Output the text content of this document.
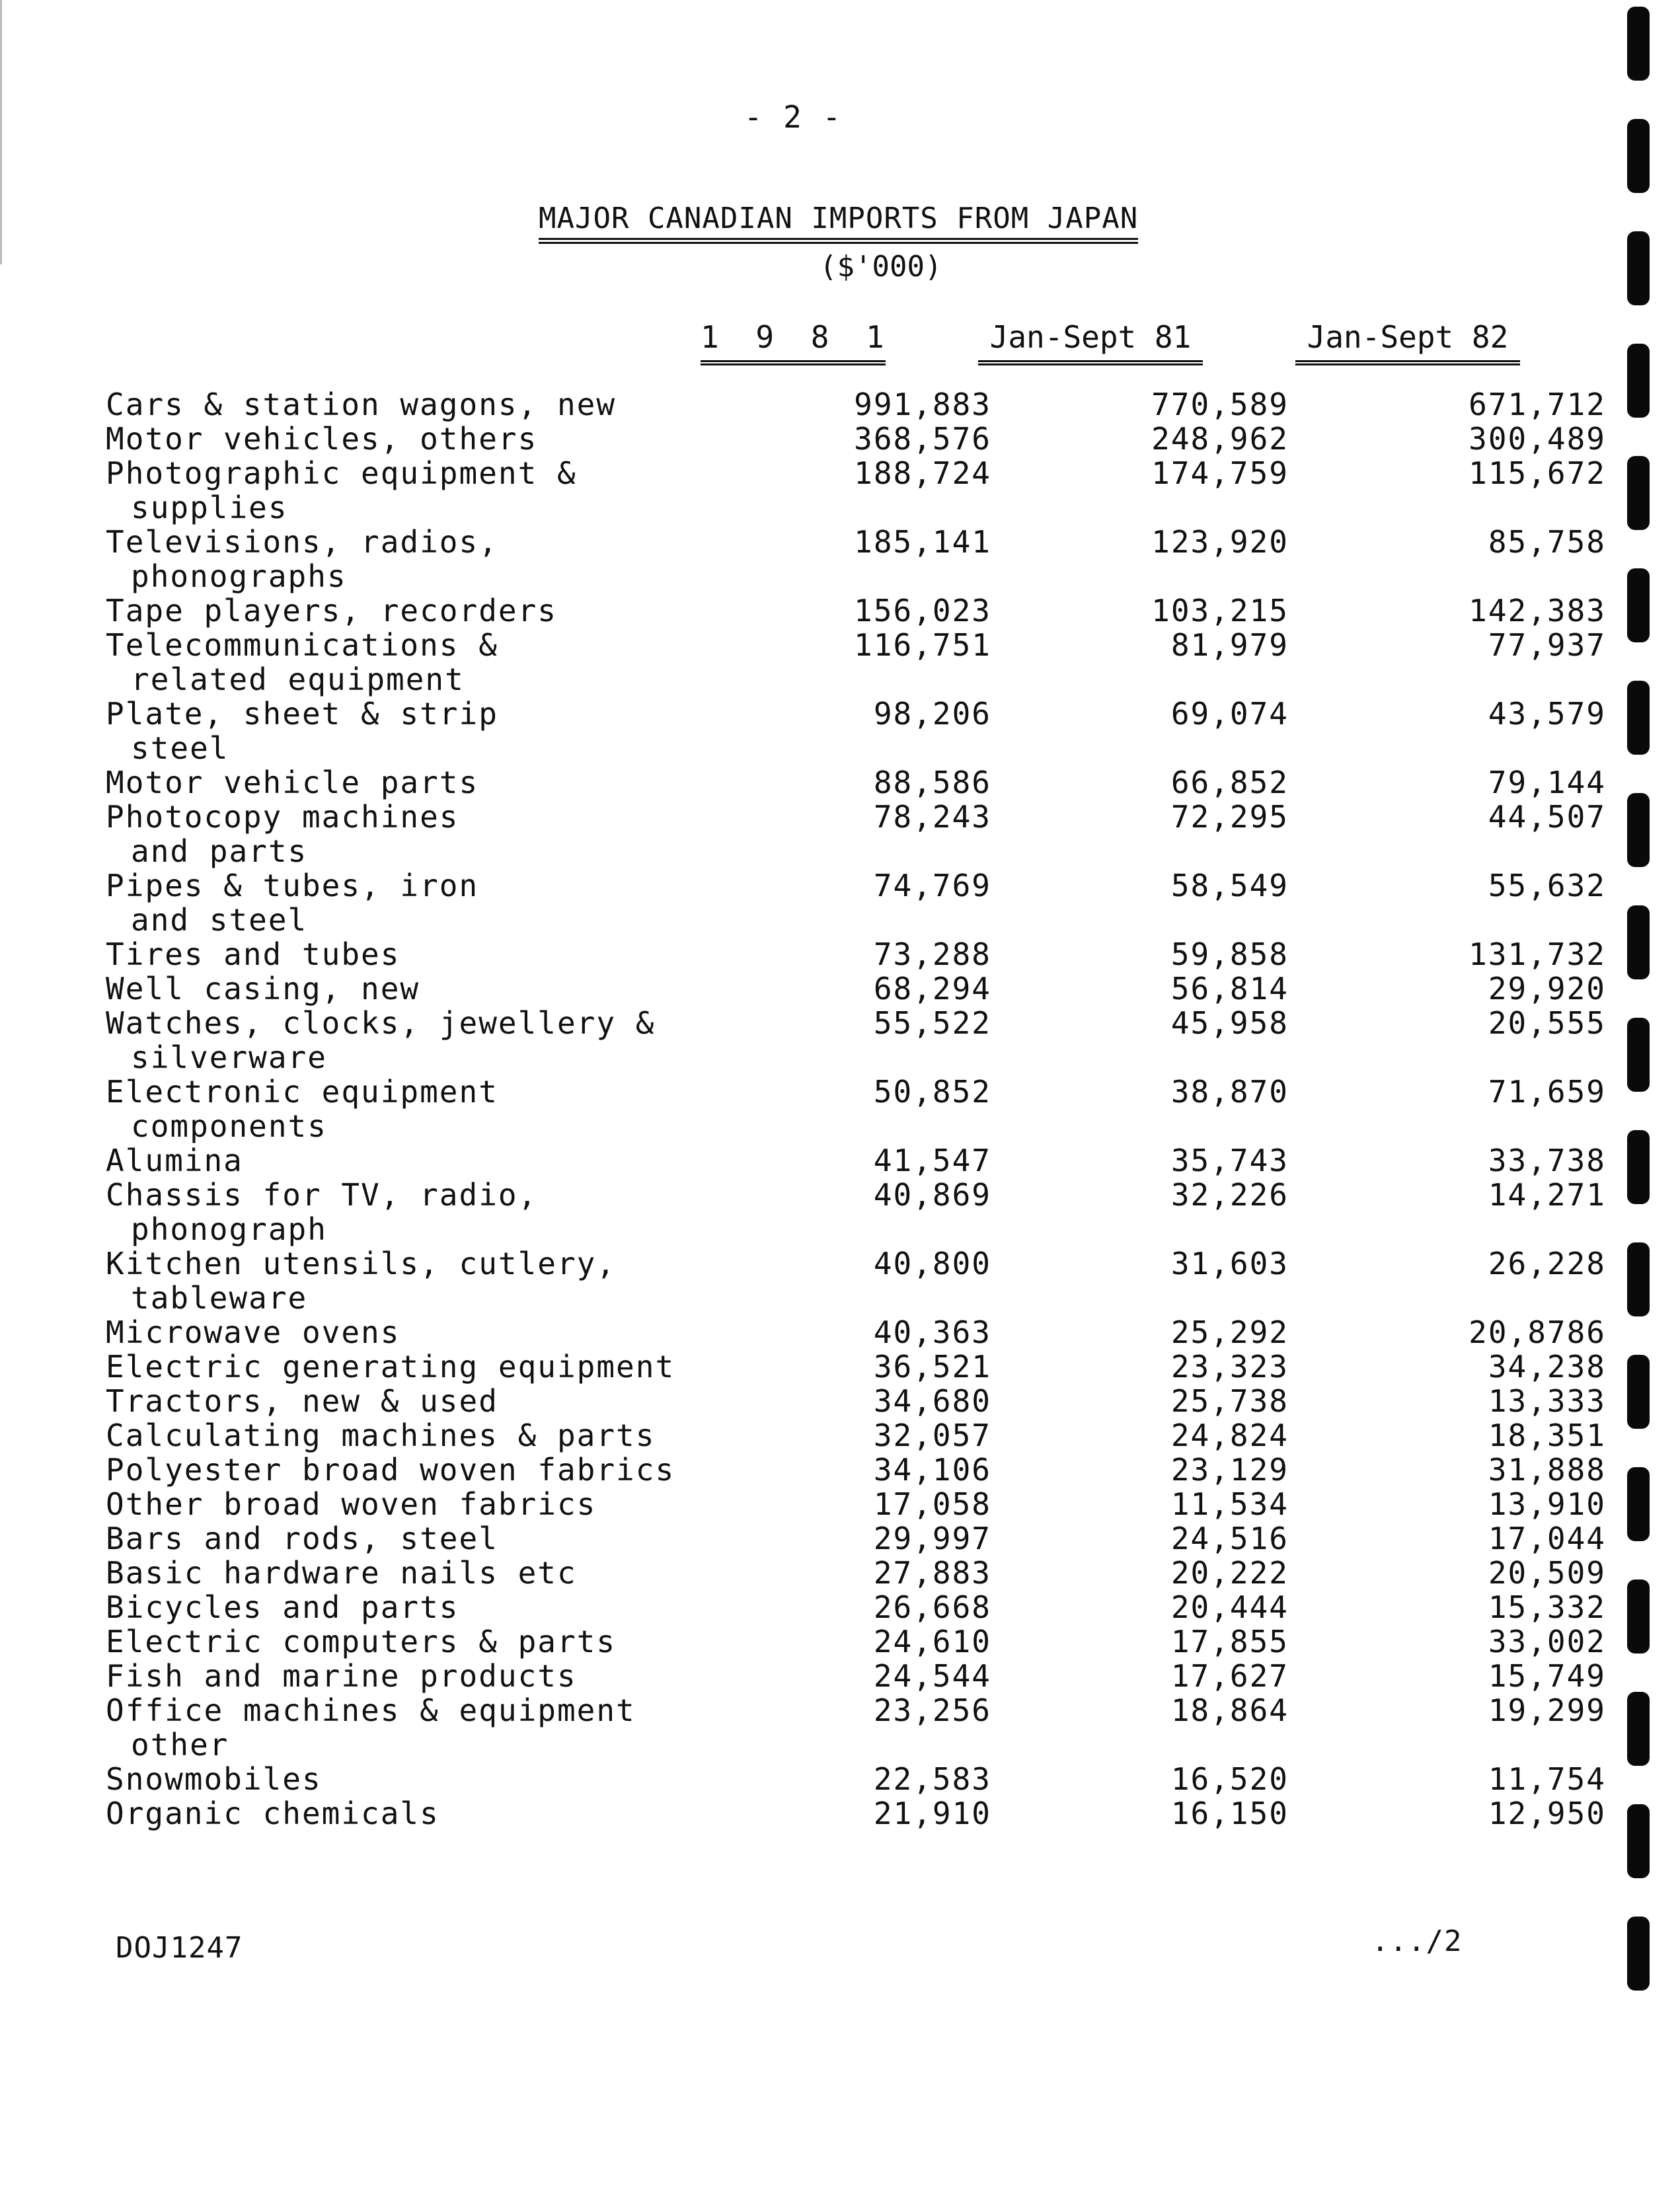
- 2 -
MAJOR CANADIAN IMPORTS FROM JAPAN
($'000)
1 9 8 1	Jan-Sept 81	Jan-Sept 82
Cars & station wagons, new	991,883	770,589	671,712
Motor vehicles, others	368,576	248,962	300,489
Photographic equipment &
supplies
188,724	174,759	115,672
Televisions, radios,
phonographs
185,141	123,920	85,758
Tape players, recorders	156,023	103,215	142,383
Telecommunications &
related equipment
116,751	81,979	77,937
Plate, sheet & strip
steel
98,206	69,074	43,579
Motor vehicle parts	88,586	66,852	79,144
Photocopy machines
and parts
78,243	72,295	44,507
Pipes & tubes, iron
and steel
74,769	58,549	55,632
Tires and tubes	73,288	59,858	131,732
Well casing, new	68,294	56,814	29,920
Watches, clocks, jewellery &
silverware
55,522	45,958	20,555
Electronic equipment
components
50,852	38,870	71,659
Alumina	41,547	35,743	33,738
Chassis for TV, radio,
phonograph
40,869	32,226	14,271
Kitchen utensils, cutlery,
tableware
40,800	31,603	26,228
Microwave ovens	40,363	25,292	20,8786
Electric generating equipment	36,521	23,323	34,238
Tractors, new & used	34,680	25,738	13,333
Calculating machines & parts	32,057	24,824	18,351
Polyester broad woven fabrics	34,106	23,129	31,888
Other broad woven fabrics	17,058	11,534	13,910
Bars and rods, steel	29,997	24,516	17,044
Basic hardware nails etc	27,883	20,222	20,509
Bicycles and parts	26,668	20,444	15,332
Electric computers & parts	24,610	17,855	33,002
Fish and marine products	24,544	17,627	15,749
Office machines & equipment
other
23,256	18,864	19,299
Snowmobiles	22,583	16,520	11,754
Organic chemicals	21,910	16,150	12,950
DOJ1247	.../2
